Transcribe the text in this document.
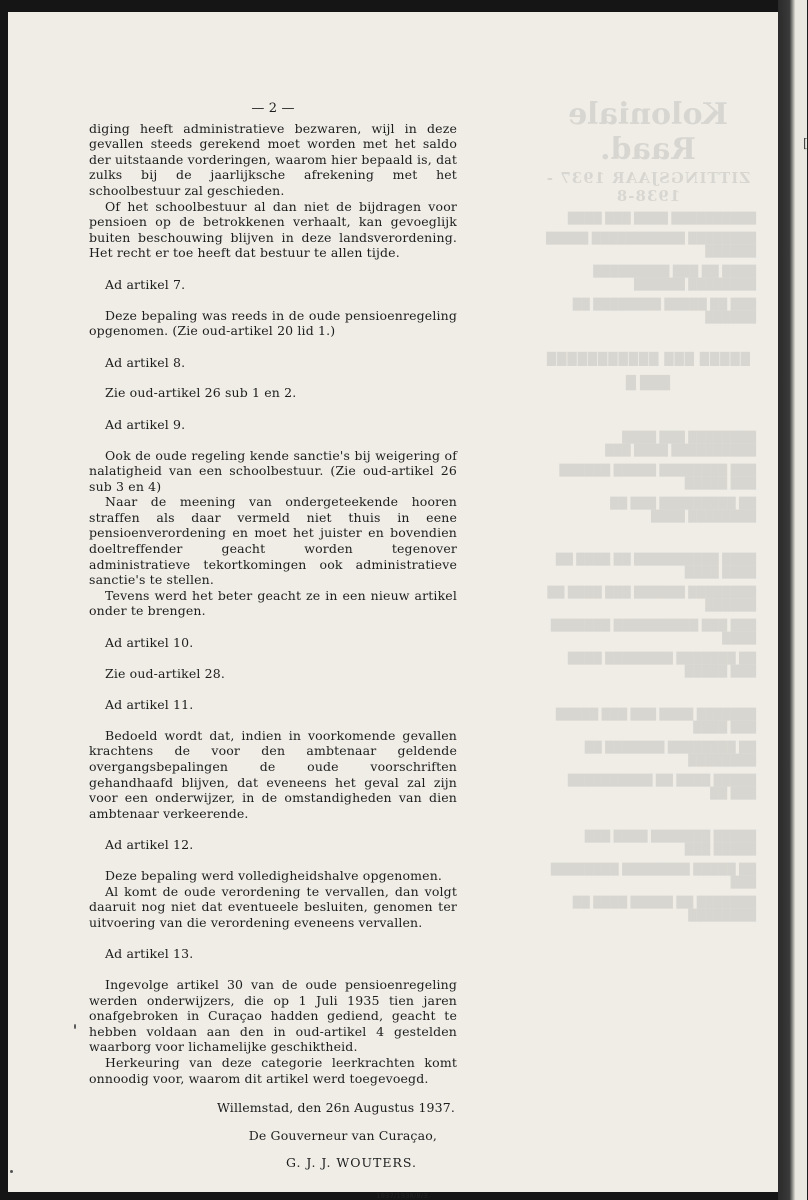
Koloniale Raad.
ZITTINGSJAAR 1937 - 1938-8
██████████ ████ ███ ████
████████ ███████████ █████ ██████
████ ██ ███ █████████ ████████ ██████
███ ██ █████ ████████ ██ ██████
█████ ███ ███████████
███ █
████████ ███ ████ ██████████ ████ ███
███ ████████ █████ ██████ ███ █████
██ █████████ ███ ██ ████████ ████
████ ██████████ ██ ████ ██ ████ ████
████████ ██████ ███ ████ ██ ██████
███ ███ ██████████ ███████ ████
██ ███████ ████████ ████ ███ █████
███████ ████ ███ ███ █████ ███ ████
██ ████████ ███████ ██ ████████
█████ ████ ██ ██████████ ███ ██
█████ ███████ ████ ███ █████ ███
██ █████ ████████ ████████ ███
███████ ██ █████ ████ ██ ████████
— 2 —

diging heeft administratieve bezwaren, wijl in deze gevallen steeds gerekend moet worden met het saldo der uitstaande vorderingen, waarom hier bepaald is, dat zulks bij de jaarlijksche afrekening met het schoolbestuur zal geschieden.

Of het schoolbestuur al dan niet de bijdragen voor pensioen op de betrokkenen verhaalt, kan gevoeglijk buiten beschouwing blijven in deze landsverordening. Het recht er toe heeft dat bestuur te allen tijde.

Ad artikel 7.

Deze bepaling was reeds in de oude pensioenregeling opgenomen. (Zie oud-artikel 20 lid 1.)

Ad artikel 8.

Zie oud-artikel 26 sub 1 en 2.

Ad artikel 9.

Ook de oude regeling kende sanctie's bij weigering of nalatigheid van een schoolbestuur. (Zie oud-artikel 26 sub 3 en 4)

Naar de meening van ondergeteekende hooren straffen als daar vermeld niet thuis in eene pensioenverordening en moet het juister en bovendien doeltreffender geacht worden tegenover administratieve tekortkomingen ook administratieve sanctie's te stellen.

Tevens werd het beter geacht ze in een nieuw artikel onder te brengen.

Ad artikel 10.

Zie oud-artikel 28.

Ad artikel 11.

Bedoeld wordt dat, indien in voorkomende gevallen krachtens de voor den ambtenaar geldende overgangsbepalingen de oude voorschriften gehandhaafd blijven, dat eveneens het geval zal zijn voor een onderwijzer, in de omstandigheden van dien ambtenaar verkeerende.

Ad artikel 12.

Deze bepaling werd volledigheidshalve opgenomen.

Al komt de oude verordening te vervallen, dan volgt daaruit nog niet dat eventueele besluiten, genomen ter uitvoering van die verordening eveneens vervallen.

Ad artikel 13.

Ingevolge artikel 30 van de oude pensioenregeling werden onderwijzers, die op 1 Juli 1935 tien jaren onafgebroken in Curaçao hadden gediend, geacht te hebben voldaan aan den in oud-artikel 4 gestelden waarborg voor lichamelijke geschiktheid.

Herkeuring van deze categorie leerkrachten komt onnoodig voor, waarom dit artikel werd toegevoegd.

Willemstad, den 26n Augustus 1937.
De Gouverneur van Curaçao,
G. J. J. WOUTERS.
1937/1938/8/3.
[
